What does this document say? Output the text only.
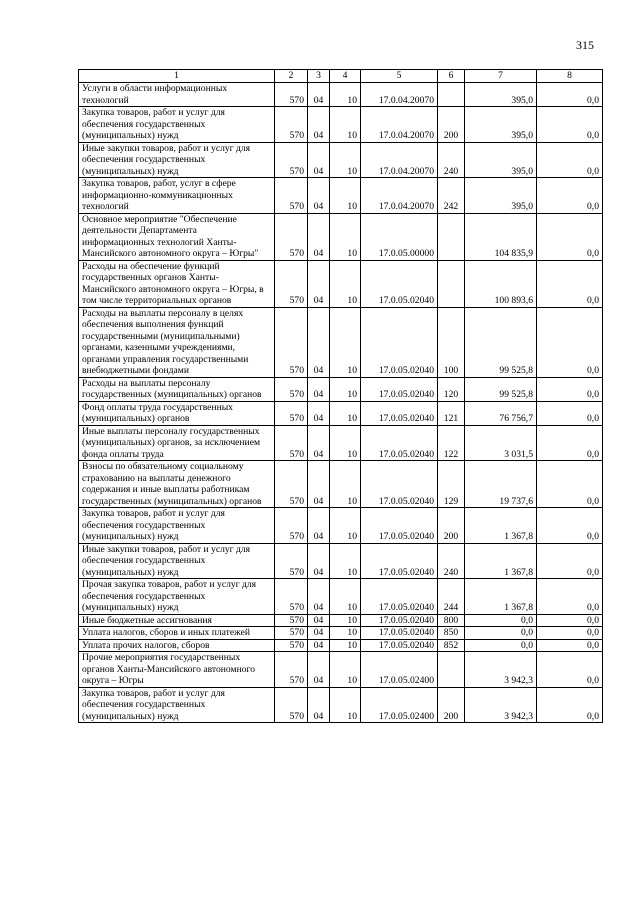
315
1	2	3	4	5	6	7	8
Услуги в области информационных технологий	570	04	10	17.0.04.20070		395,0	0,0
Закупка товаров, работ и услуг для обеспечения государственных (муниципальных) нужд	570	04	10	17.0.04.20070	200	395,0	0,0
Иные закупки товаров, работ и услуг для обеспечения государственных (муниципальных) нужд	570	04	10	17.0.04.20070	240	395,0	0,0
Закупка товаров, работ, услуг в сфере информационно-коммуникационных технологий	570	04	10	17.0.04.20070	242	395,0	0,0
Основное мероприятие "Обеспечение деятельности Департамента информационных технологий Ханты-Мансийского автономного округа – Югры"	570	04	10	17.0.05.00000		104 835,9	0,0
Расходы на обеспечение функций государственных органов Ханты-Мансийского автономного округа – Югры, в том числе территориальных органов	570	04	10	17.0.05.02040		100 893,6	0,0
Расходы на выплаты персоналу в целях обеспечения выполнения функций государственными (муниципальными) органами, казенными учреждениями, органами управления государственными внебюджетными фондами	570	04	10	17.0.05.02040	100	99 525,8	0,0
Расходы на выплаты персоналу государственных (муниципальных) органов	570	04	10	17.0.05.02040	120	99 525,8	0,0
Фонд оплаты труда государственных (муниципальных) органов	570	04	10	17.0.05.02040	121	76 756,7	0,0
Иные выплаты персоналу государственных (муниципальных) органов, за исключением фонда оплаты труда	570	04	10	17.0.05.02040	122	3 031,5	0,0
Взносы по обязательному социальному страхованию на выплаты денежного содержания и иные выплаты работникам государственных (муниципальных) органов	570	04	10	17.0.05.02040	129	19 737,6	0,0
Закупка товаров, работ и услуг для обеспечения государственных (муниципальных) нужд	570	04	10	17.0.05.02040	200	1 367,8	0,0
Иные закупки товаров, работ и услуг для обеспечения государственных (муниципальных) нужд	570	04	10	17.0.05.02040	240	1 367,8	0,0
Прочая закупка товаров, работ и услуг для обеспечения государственных (муниципальных) нужд	570	04	10	17.0.05.02040	244	1 367,8	0,0
Иные бюджетные ассигнования	570	04	10	17.0.05.02040	800	0,0	0,0
Уплата налогов, сборов и иных платежей	570	04	10	17.0.05.02040	850	0,0	0,0
Уплата прочих налогов, сборов	570	04	10	17.0.05.02040	852	0,0	0,0
Прочие мероприятия государственных органов Ханты-Мансийского автономного округа – Югры	570	04	10	17.0.05.02400		3 942,3	0,0
Закупка товаров, работ и услуг для обеспечения государственных (муниципальных) нужд	570	04	10	17.0.05.02400	200	3 942,3	0,0
